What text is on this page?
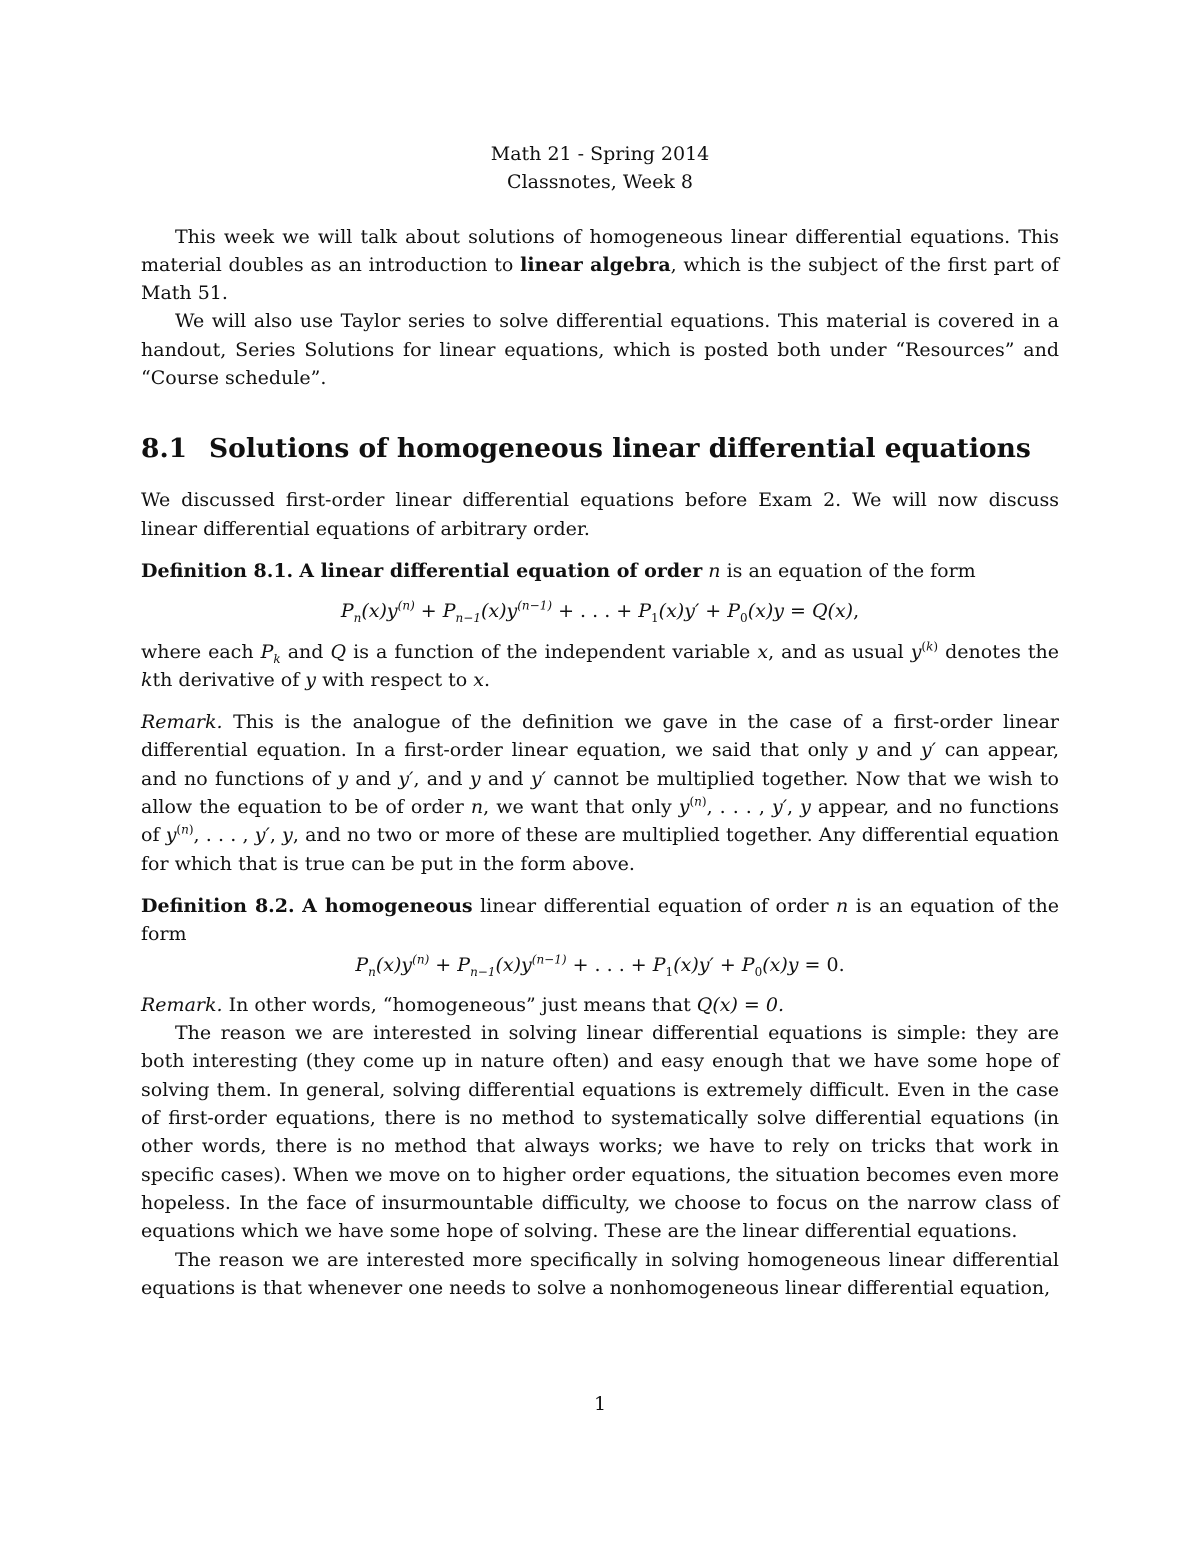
Math 21 - Spring 2014

Classnotes, Week 8

This week we will talk about solutions of homogeneous linear differential equations. This material doubles as an introduction to linear algebra, which is the subject of the first part of Math 51.

We will also use Taylor series to solve differential equations. This material is covered in a handout, Series Solutions for linear equations, which is posted both under “Resources” and “Course schedule”.

8.1 Solutions of homogeneous linear differential equations

We discussed first-order linear differential equations before Exam 2. We will now discuss linear differential equations of arbitrary order.

Definition 8.1. A linear differential equation of order n is an equation of the form

$P_n(x)y^{(n)} + P_{n-1}(x)y^{(n-1)}$ + . . . + $P_1(x)y' + P_0(x)y = Q(x)$,

where each $P_k$ and Q is a function of the independent variable x, and as usual $y^{(k)}$ denotes the kth derivative of y with respect to x.

Remark. This is the analogue of the definition we gave in the case of a first-order linear differential equation. In a first-order linear equation, we said that only y and y′ can appear, and no functions of y and y′, and y and y′ cannot be multiplied together. Now that we wish to allow the equation to be of order n, we want that only $y^{(n)}$, . . . , y′, y appear, and no functions of $y^{(n)}$, . . . , y′, y, and no two or more of these are multiplied together. Any differential equation for which that is true can be put in the form above.

Definition 8.2. A homogeneous linear differential equation of order n is an equation of the form

$P_n(x)y^{(n)} + P_{n-1}(x)y^{(n-1)}$ + . . . + $P_1(x)y' + P_0(x)y = 0$.

Remark. In other words, “homogeneous” just means that Q(x) = 0.

The reason we are interested in solving linear differential equations is simple: they are both interesting (they come up in nature often) and easy enough that we have some hope of solving them. In general, solving differential equations is extremely difficult. Even in the case of first-order equations, there is no method to systematically solve differential equations (in other words, there is no method that always works; we have to rely on tricks that work in specific cases). When we move on to higher order equations, the situation becomes even more hopeless. In the face of insurmountable difficulty, we choose to focus on the narrow class of equations which we have some hope of solving. These are the linear differential equations.

The reason we are interested more specifically in solving homogeneous linear differential equations is that whenever one needs to solve a nonhomogeneous linear differential equation,

1
